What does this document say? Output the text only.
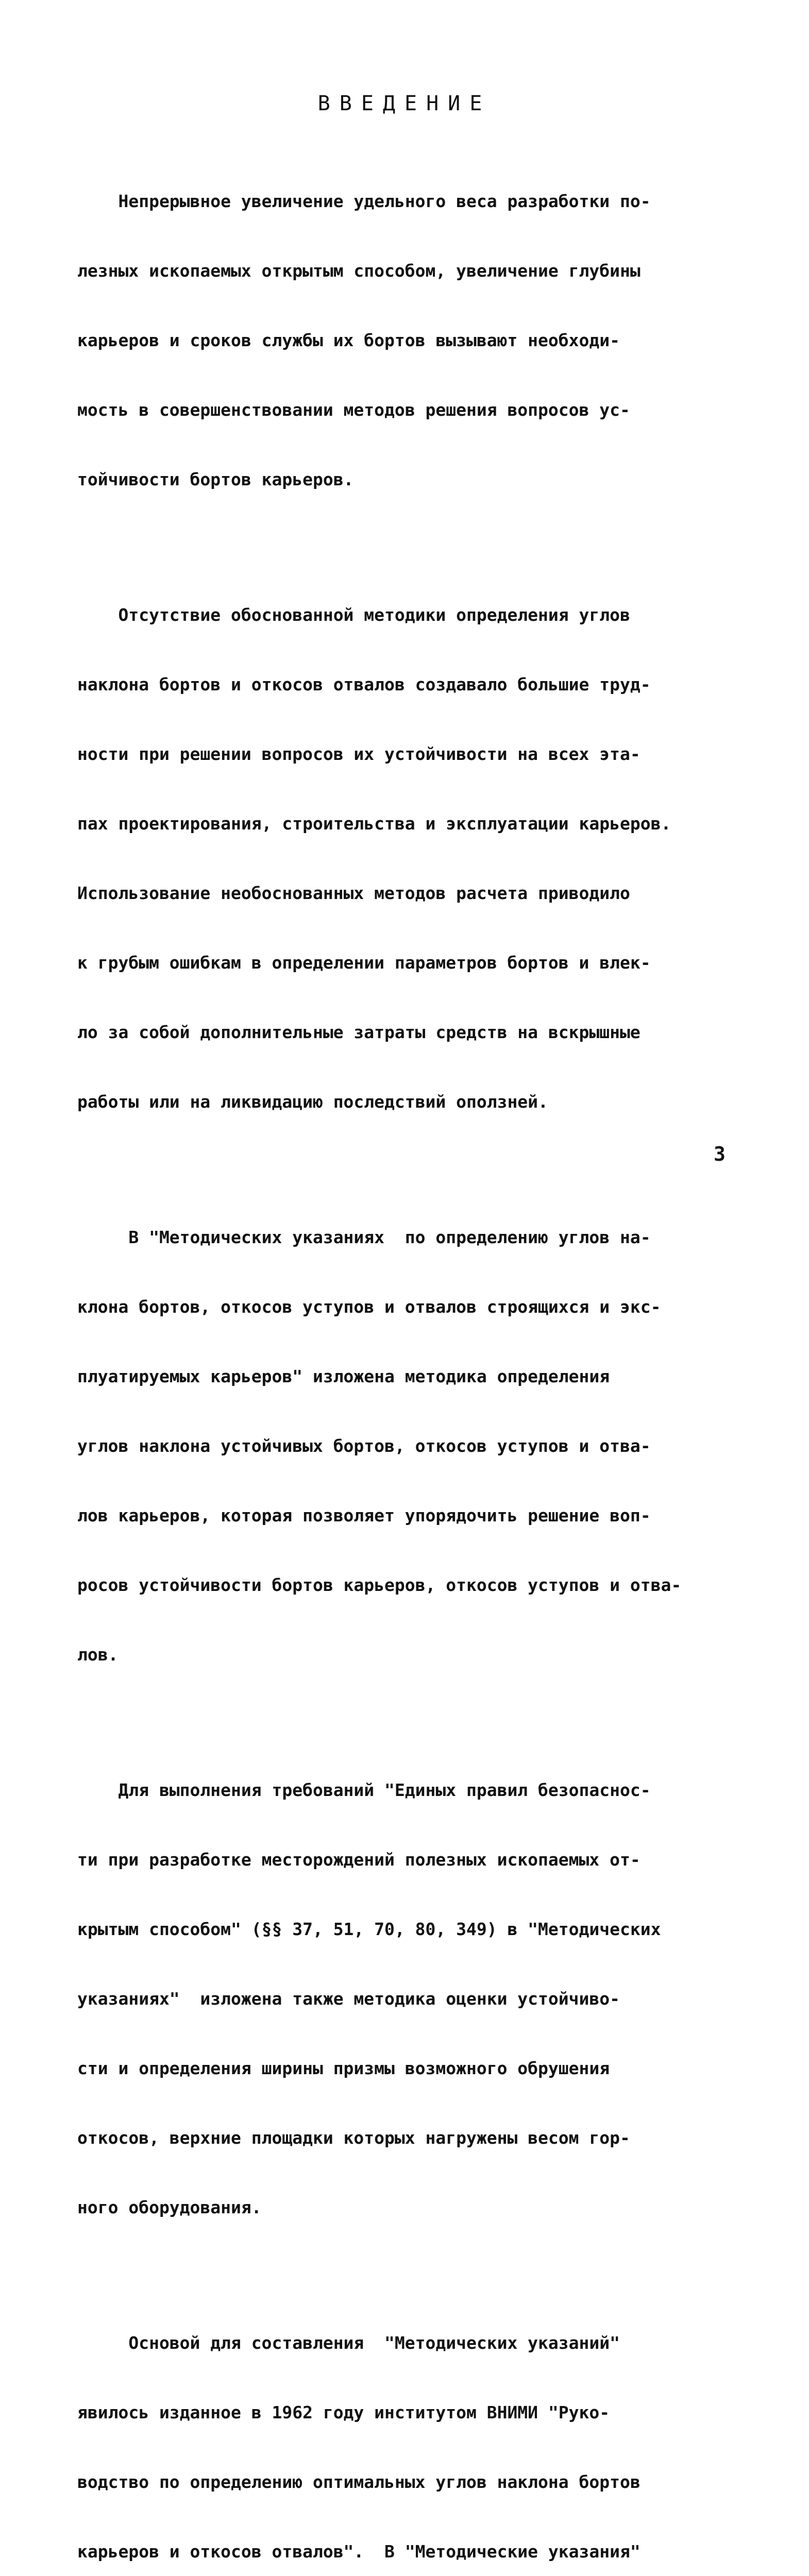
ВВЕДЕНИЕ

Непрерывное увеличение удельного веса разработки по-

лезных ископаемых открытым способом, увеличение глубины

карьеров и сроков службы их бортов вызывают необходи-

мость в совершенствовании методов решения вопросов ус-

тойчивости бортов карьеров.

Отсутствие обоснованной методики определения углов

наклона бортов и откосов отвалов создавало большие труд-

ности при решении вопросов их устойчивости на всех эта-

пах проектирования, строительства и эксплуатации карьеров.

Использование необоснованных методов расчета приводило

к грубым ошибкам в определении параметров бортов и влек-

ло за собой дополнительные затраты средств на вскрышные

работы или на ликвидацию последствий оползней.

В "Методических указаниях  по определению углов на-

клона бортов, откосов уступов и отвалов строящихся и экс-

плуатируемых карьеров" изложена методика определения

углов наклона устойчивых бортов, откосов уступов и отва-

лов карьеров, которая позволяет упорядочить решение воп-

росов устойчивости бортов карьеров, откосов уступов и отва-

лов.

Для выполнения требований "Единых правил безопаснос-

ти при разработке месторождений полезных ископаемых от-

крытым способом" (§§ 37, 51, 70, 80, 349) в "Методических

указаниях"  изложена также методика оценки устойчиво-

сти и определения ширины призмы возможного обрушения

откосов, верхние площадки которых нагружены весом гор-

ного оборудования.

Основой для составления  "Методических указаний"

явилось изданное в 1962 году институтом ВНИМИ "Руко-

водство по определению оптимальных углов наклона бортов

карьеров и откосов отвалов".  В "Методические указания"

3
